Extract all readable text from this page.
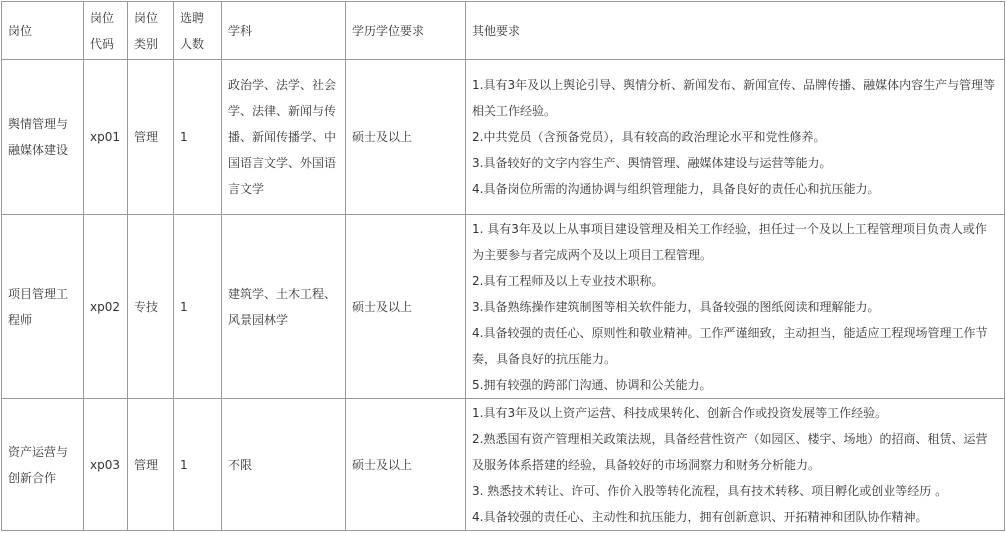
岗位	岗位代码	岗位类别	选聘人数	学科	学历学位要求	其他要求
舆情管理与融媒体建设	xp01	管理	1	政治学、法学、社会学、法律、新闻与传播、新闻传播学、中国语言文学、外国语言文学	硕士及以上	1.具有3年及以上舆论引导、舆情分析、新闻发布、新闻宣传、品牌传播、融媒体内容生产与管理等相关工作经验。
2.中共党员（含预备党员），具有较高的政治理论水平和党性修养。
3.具备较好的文字内容生产、舆情管理、融媒体建设与运营等能力。
4.具备岗位所需的沟通协调与组织管理能力，具备良好的责任心和抗压能力。

项目管理工程师	xp02	专技	1	建筑学、土木工程、风景园林学	硕士及以上	1. 具有3年及以上从事项目建设管理及相关工作经验，担任过一个及以上工程管理项目负责人或作为主要参与者完成两个及以上项目工程管理。
2.具有工程师及以上专业技术职称。
3.具备熟练操作建筑制图等相关软件能力，具备较强的图纸阅读和理解能力。
4.具备较强的责任心、原则性和敬业精神。工作严谨细致，主动担当，能适应工程现场管理工作节奏，具备良好的抗压能力。
5.拥有较强的跨部门沟通、协调和公关能力。

资产运营与创新合作	xp03	管理	1	不限	硕士及以上	1.具有3年及以上资产运营、科技成果转化、创新合作或投资发展等工作经验。
2.熟悉国有资产管理相关政策法规，具备经营性资产（如园区、楼宇、场地）的招商、租赁、运营及服务体系搭建的经验，具备较好的市场洞察力和财务分析能力。
3. 熟悉技术转让、许可、作价入股等转化流程，具有技术转移、项目孵化或创业等经历 。
4.具备较强的责任心、主动性和抗压能力，拥有创新意识、开拓精神和团队协作精神。
